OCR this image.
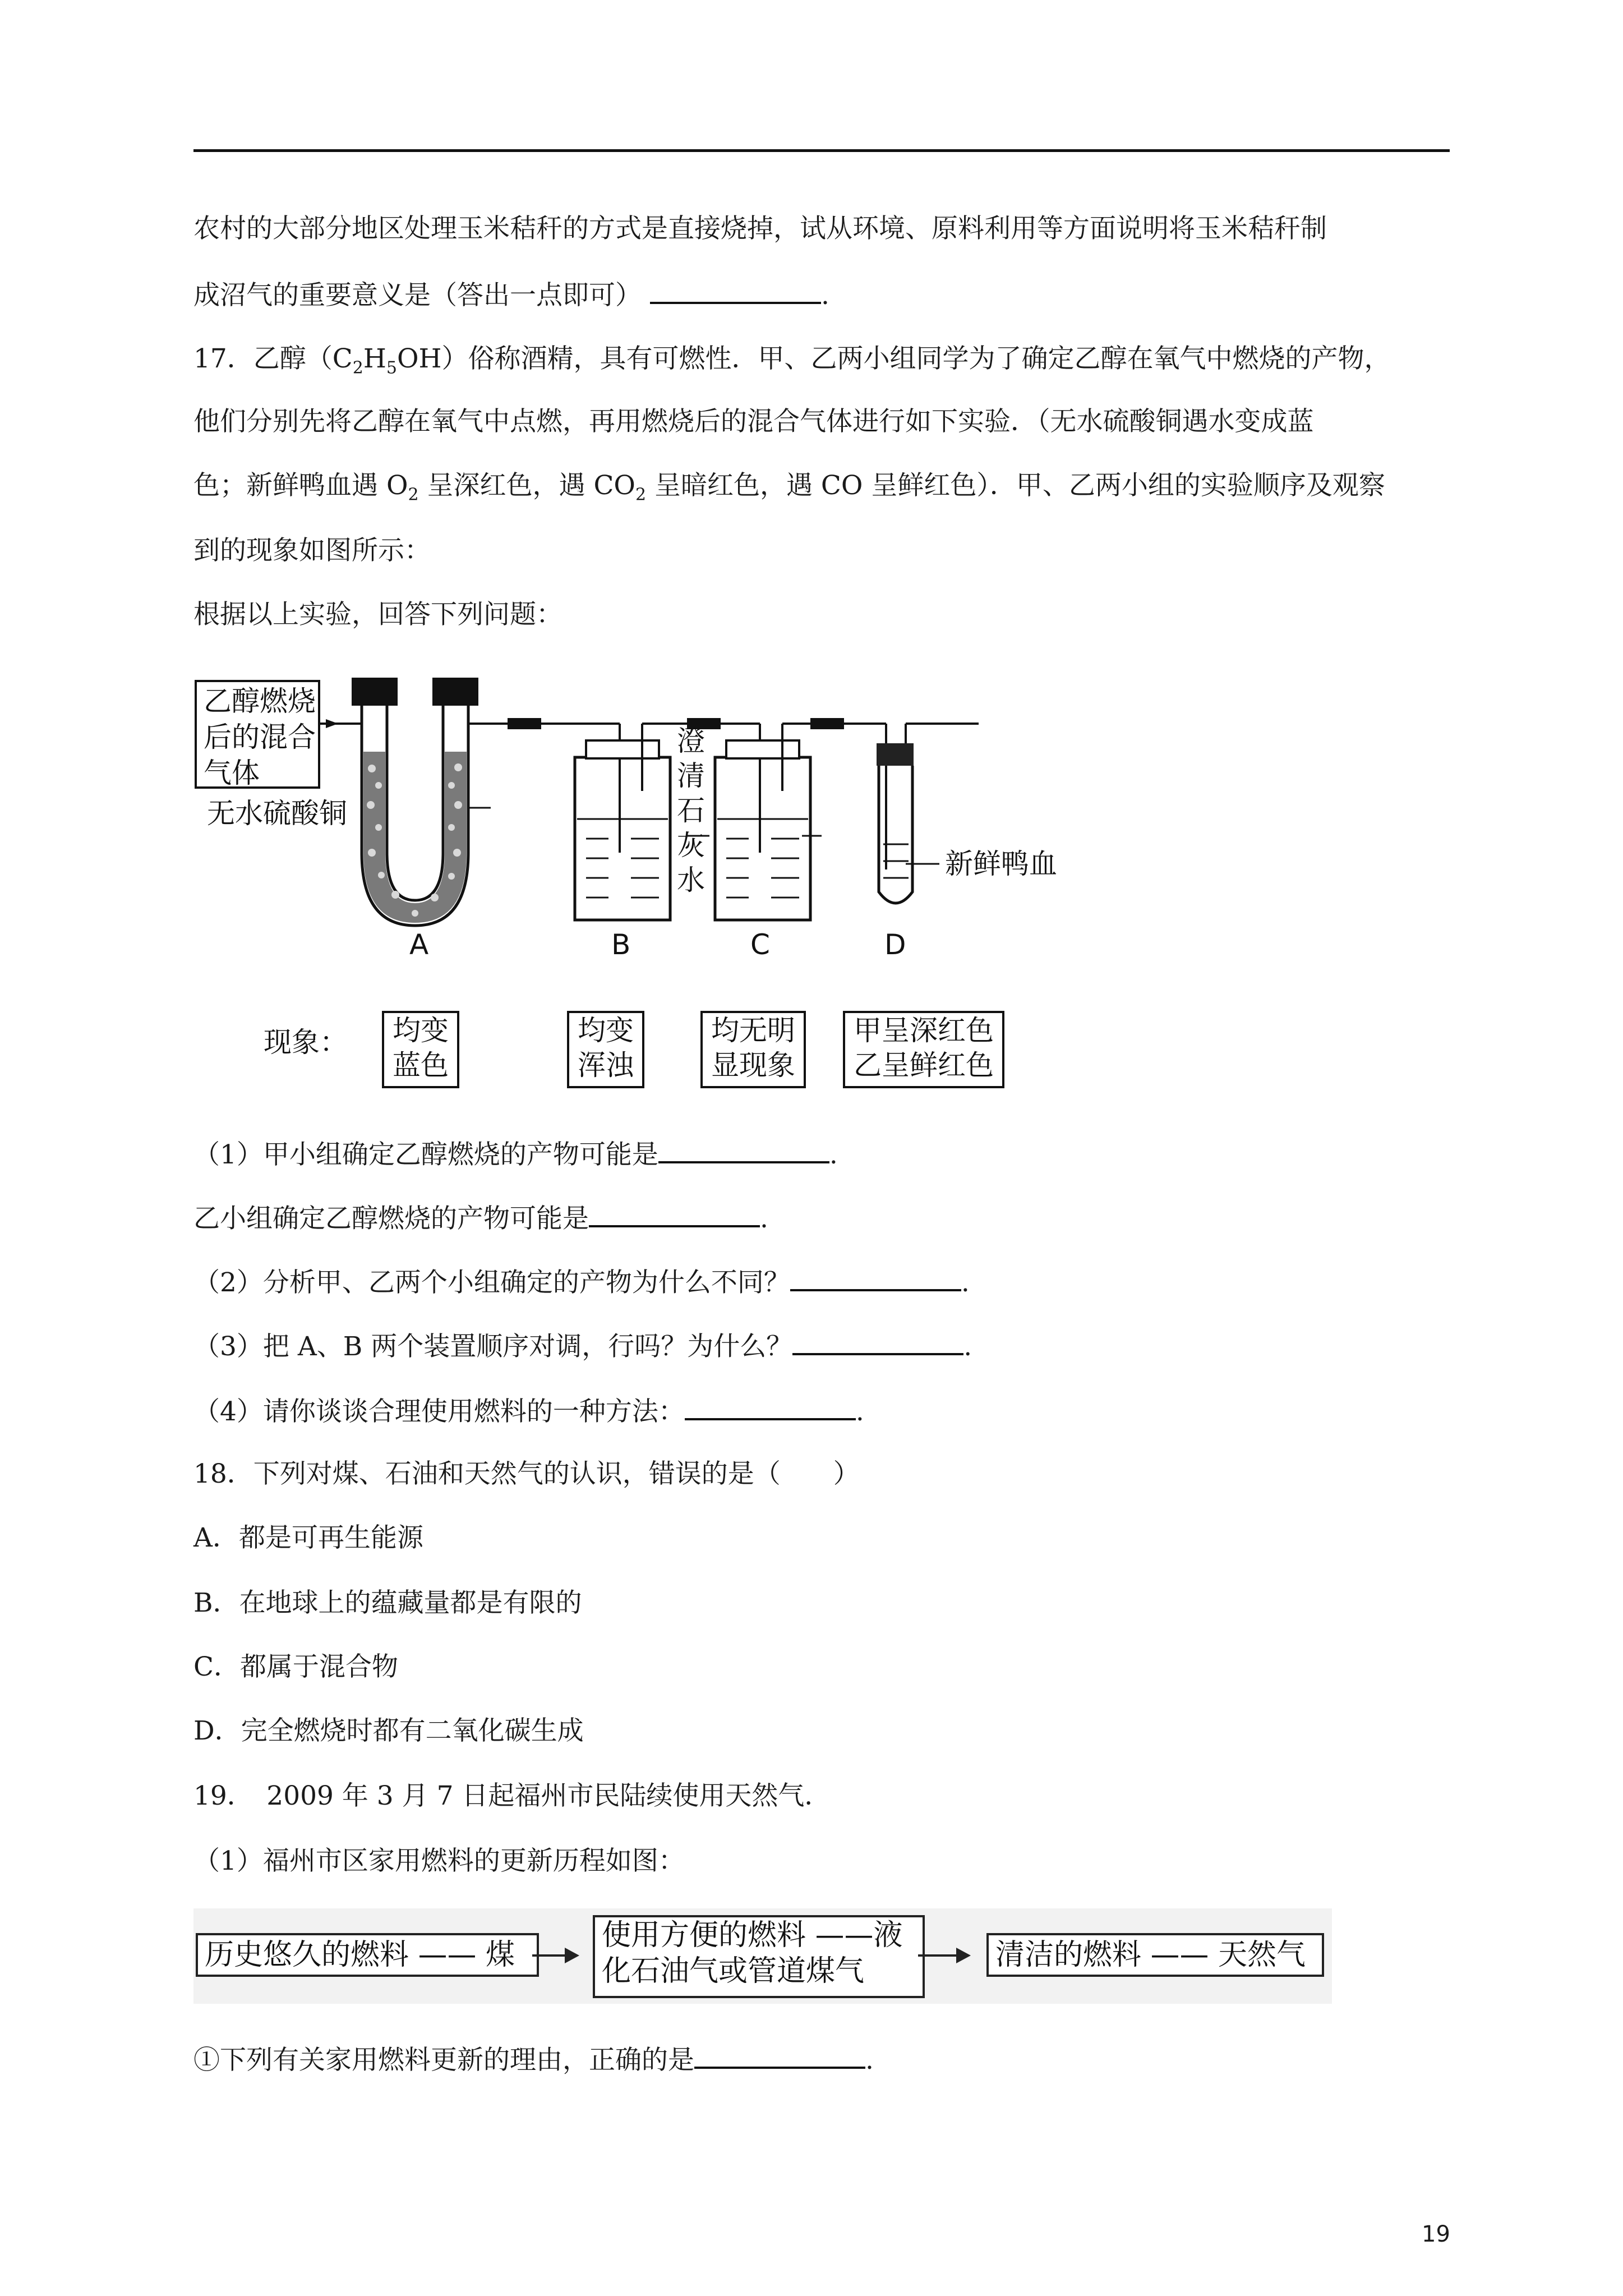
农村的大部分地区处理玉米秸秆的方式是直接烧掉，试从环境、原料利用等方面说明将玉米秸秆制
成沼气的重要意义是（答出一点即可）	.
17．乙醇$(C_2H_5OH)$俗称酒精，具有可燃性．甲、乙两小组同学为了确定乙醇在氧气中燃烧的产物，
他们分别先将乙醇在氧气中点燃，再用燃烧后的混合气体进行如下实验．（无水硫酸铜遇水变成蓝
色；新鲜鸭血遇 $O_2$ 呈深红色，遇 $CO_2$ 呈暗红色，遇 CO 呈鲜红色）．甲、乙两小组的实验顺序及观察
到的现象如图所示：
根据以上实验，回答下列问题：
乙醇燃烧
后的混合
气体
无水硫酸铜
澄
清
石
灰
水	新鲜鸭血
A	B	C	D
现象：	均变
蓝色
均变
浑浊
均无明
显现象
甲呈深红色
乙呈鲜红色
（1）甲小组确定乙醇燃烧的产物可能是	.
乙小组确定乙醇燃烧的产物可能是	.
（2）分析甲、乙两个小组确定的产物为什么不同？	.
（3）把 A、B 两个装置顺序对调，行吗？为什么？	.
（4）请你谈谈合理使用燃料的一种方法：	.
18．下列对煤、石油和天然气的认识，错误的是（　　）
A．都是可再生能源
B．在地球上的蕴藏量都是有限的
C．都属于混合物
D．完全燃烧时都有二氧化碳生成
19．　2009 年 3 月 7 日起福州市民陆续使用天然气．
（1）福州市区家用燃料的更新历程如图：
历史悠久的燃料 —— 煤
使用方便的燃料 ——液
化石油气或管道煤气	清洁的燃料 —— 天然气
①下列有关家用燃料更新的理由，正确的是	.
19
